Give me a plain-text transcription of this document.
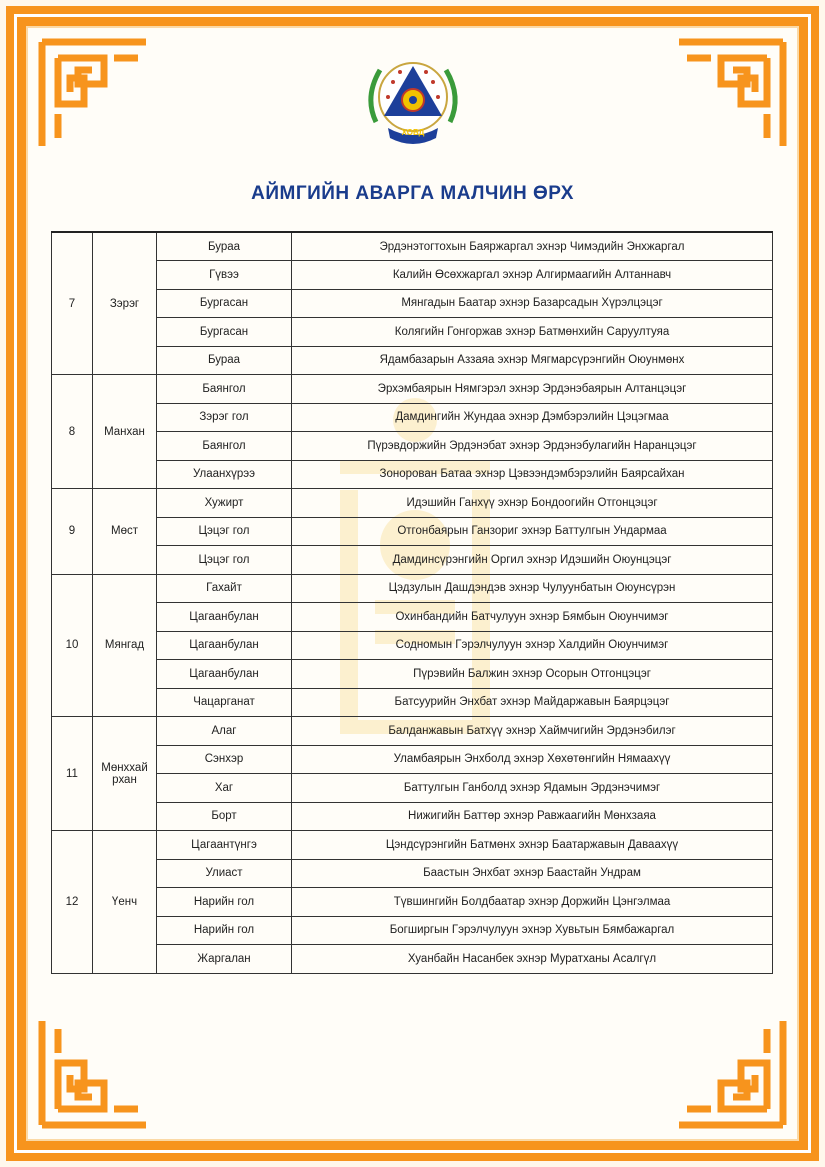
ХОВД
АЙМГИЙН АВАРГА МАЛЧИН ӨРХ
7	Зэрэг	Бураа	Эрдэнэтогтохын Баяржаргал эхнэр Чимэдийн Энхжаргал
		Гүвээ	Калийн Өсөхжаргал эхнэр Алгирмаагийн Алтаннавч
		Бургасан	Мянгадын Баатар эхнэр Базарсадын Хүрэлцэцэг
		Бургасан	Колягийн Гонгоржав эхнэр Батмөнхийн Саруултуяа
		Бураа	Ядамбазарын Аззаяа эхнэр Мягмарсүрэнгийн Оюунмөнх
8	Манхан	Баянгол	Эрхэмбаярын Нямгэрэл эхнэр Эрдэнэбаярын Алтанцэцэг
		Зэрэг гол	Дамдингийн Жундаа эхнэр Дэмбэрэлийн Цэцэгмаа
		Баянгол	Пүрэвдоржийн Эрдэнэбат эхнэр Эрдэнэбулагийн Наранцэцэг
		Улаанхүрээ	Зонорован Батаа эхнэр Цэвээндэмбэрэлийн Баярсайхан
9	Мөст	Хужирт	Идэшийн Ганхүү эхнэр Бондоогийн Отгонцэцэг
		Цэцэг гол	Отгонбаярын Ганзориг эхнэр Баттулгын Ундармаа
		Цэцэг гол	Дамдинсүрэнгийн Оргил эхнэр Идэшийн Оюунцэцэг
10	Мянгад	Гахайт	Цэдзулын Дашдэндэв эхнэр Чулуунбатын Оюунсүрэн
		Цагаанбулан	Охинбандийн Батчулуун эхнэр Бямбын Оюунчимэг
		Цагаанбулан	Содномын Гэрэлчулуун эхнэр Халдийн Оюунчимэг
		Цагаанбулан	Пүрэвийн Балжин эхнэр Осорын Отгонцэцэг
		Чацарганат	Батсуурийн Энхбат эхнэр Майдаржавын Баярцэцэг
11	Мөнххай рхан	Алаг	Балданжавын Батхүү эхнэр Хаймчигийн Эрдэнэбилэг
		Сэнхэр	Уламбаярын Энхболд эхнэр Хөхөтөнгийн Нямаахүү
		Хаг	Баттулгын Ганболд эхнэр Ядамын Эрдэнэчимэг
		Борт	Нижигийн Баттөр эхнэр Равжаагийн Мөнхзаяа
12	Үенч	Цагаантүнгэ	Цэндсүрэнгийн Батмөнх эхнэр Баатаржавын Даваахүү
		Улиаст	Баастын Энхбат эхнэр Баастайн Ундрам
		Нарийн гол	Түвшингийн Болдбаатар эхнэр Доржийн Цэнгэлмаа
		Нарийн гол	Богширгын Гэрэлчулуун эхнэр Хувьтын Бямбажаргал
		Жаргалан	Хуанбайн Насанбек эхнэр Муратханы Асалгүл
